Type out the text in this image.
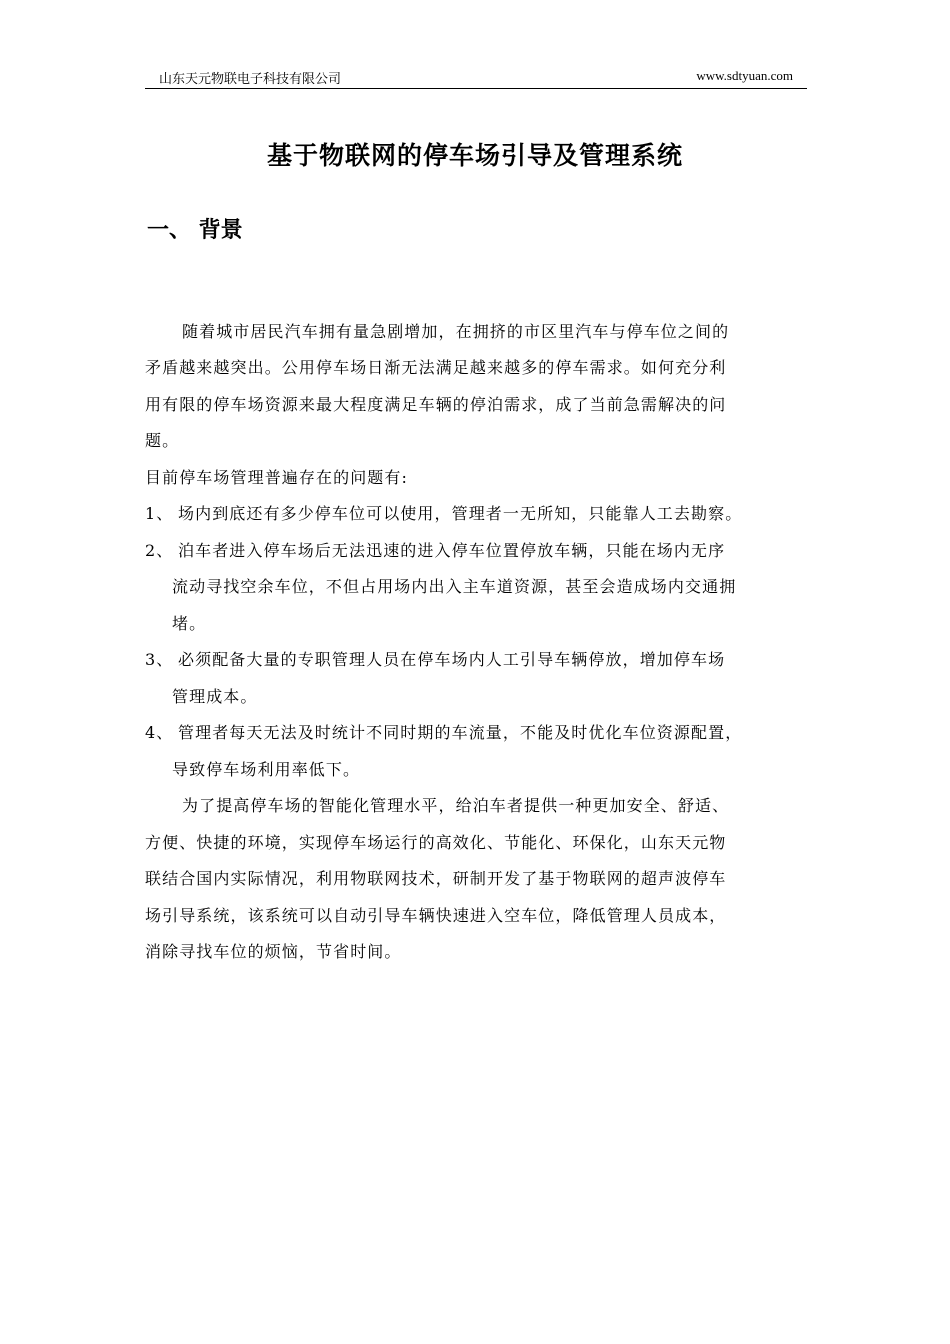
山东天元物联电子科技有限公司	www.sdtyuan.com
基于物联网的停车场引导及管理系统
一、 背景
随着城市居民汽车拥有量急剧增加，在拥挤的市区里汽车与停车位之间的
矛盾越来越突出。公用停车场日渐无法满足越来越多的停车需求。如何充分利
用有限的停车场资源来最大程度满足车辆的停泊需求，成了当前急需解决的问
题。
目前停车场管理普遍存在的问题有:
1、 场内到底还有多少停车位可以使用，管理者一无所知，只能靠人工去勘察。
2、 泊车者进入停车场后无法迅速的进入停车位置停放车辆，只能在场内无序
流动寻找空余车位，不但占用场内出入主车道资源，甚至会造成场内交通拥
堵。
3、 必须配备大量的专职管理人员在停车场内人工引导车辆停放，增加停车场
管理成本。
4、 管理者每天无法及时统计不同时期的车流量，不能及时优化车位资源配置，
导致停车场利用率低下。
为了提高停车场的智能化管理水平，给泊车者提供一种更加安全、舒适、
方便、快捷的环境，实现停车场运行的高效化、节能化、环保化，山东天元物
联结合国内实际情况，利用物联网技术，研制开发了基于物联网的超声波停车
场引导系统，该系统可以自动引导车辆快速进入空车位，降低管理人员成本，
消除寻找车位的烦恼，节省时间。
